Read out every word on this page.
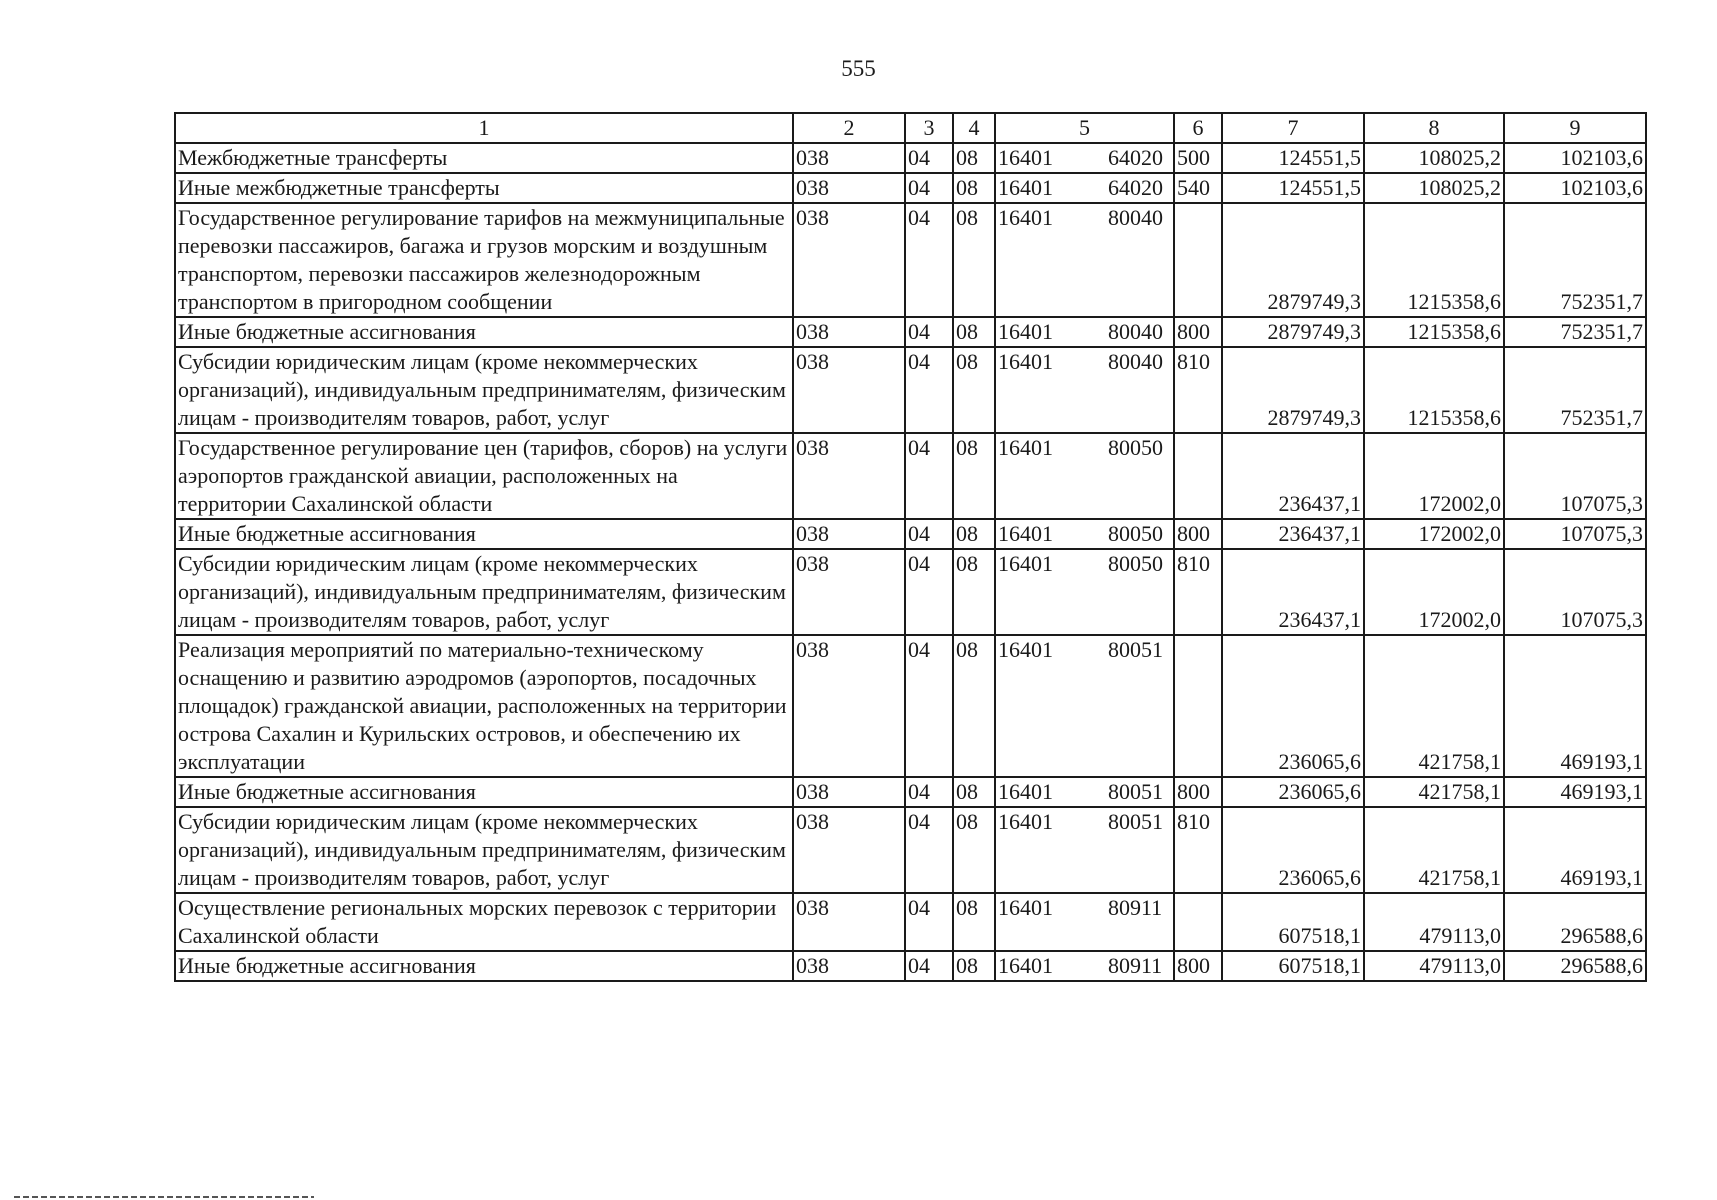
555
1	2	3	4	5		6	7	8	9
Межбюджетные трансферты	038	04	08	16401	64020	500	124551,5	108025,2	102103,6
Иные межбюджетные трансферты	038	04	08	16401	64020	540	124551,5	108025,2	102103,6
Государственное регулирование тарифов на межмуниципальные перевозки пассажиров, багажа и грузов морским и воздушным транспортом, перевозки пассажиров железнодорожным транспортом в пригородном сообщении	038	04	08	16401	80040		2879749,3	1215358,6	752351,7
Иные бюджетные ассигнования	038	04	08	16401	80040	800	2879749,3	1215358,6	752351,7
Субсидии юридическим лицам (кроме некоммерческих организаций), индивидуальным предпринимателям, физическим лицам - производителям товаров, работ, услуг	038	04	08	16401	80040	810	2879749,3	1215358,6	752351,7
Государственное регулирование цен (тарифов, сборов) на услуги аэропортов гражданской авиации, расположенных на территории Сахалинской области	038	04	08	16401	80050		236437,1	172002,0	107075,3
Иные бюджетные ассигнования	038	04	08	16401	80050	800	236437,1	172002,0	107075,3
Субсидии юридическим лицам (кроме некоммерческих организаций), индивидуальным предпринимателям, физическим лицам - производителям товаров, работ, услуг	038	04	08	16401	80050	810	236437,1	172002,0	107075,3
Реализация мероприятий по материально-техническому оснащению и развитию аэродромов (аэропортов, посадочных площадок) гражданской авиации, расположенных на территории острова Сахалин и Курильских островов, и обеспечению их эксплуатации	038	04	08	16401	80051		236065,6	421758,1	469193,1
Иные бюджетные ассигнования	038	04	08	16401	80051	800	236065,6	421758,1	469193,1
Субсидии юридическим лицам (кроме некоммерческих организаций), индивидуальным предпринимателям, физическим лицам - производителям товаров, работ, услуг	038	04	08	16401	80051	810	236065,6	421758,1	469193,1
Осуществление региональных морских перевозок с территории Сахалинской области	038	04	08	16401	80911		607518,1	479113,0	296588,6
Иные бюджетные ассигнования	038	04	08	16401	80911	800	607518,1	479113,0	296588,6
